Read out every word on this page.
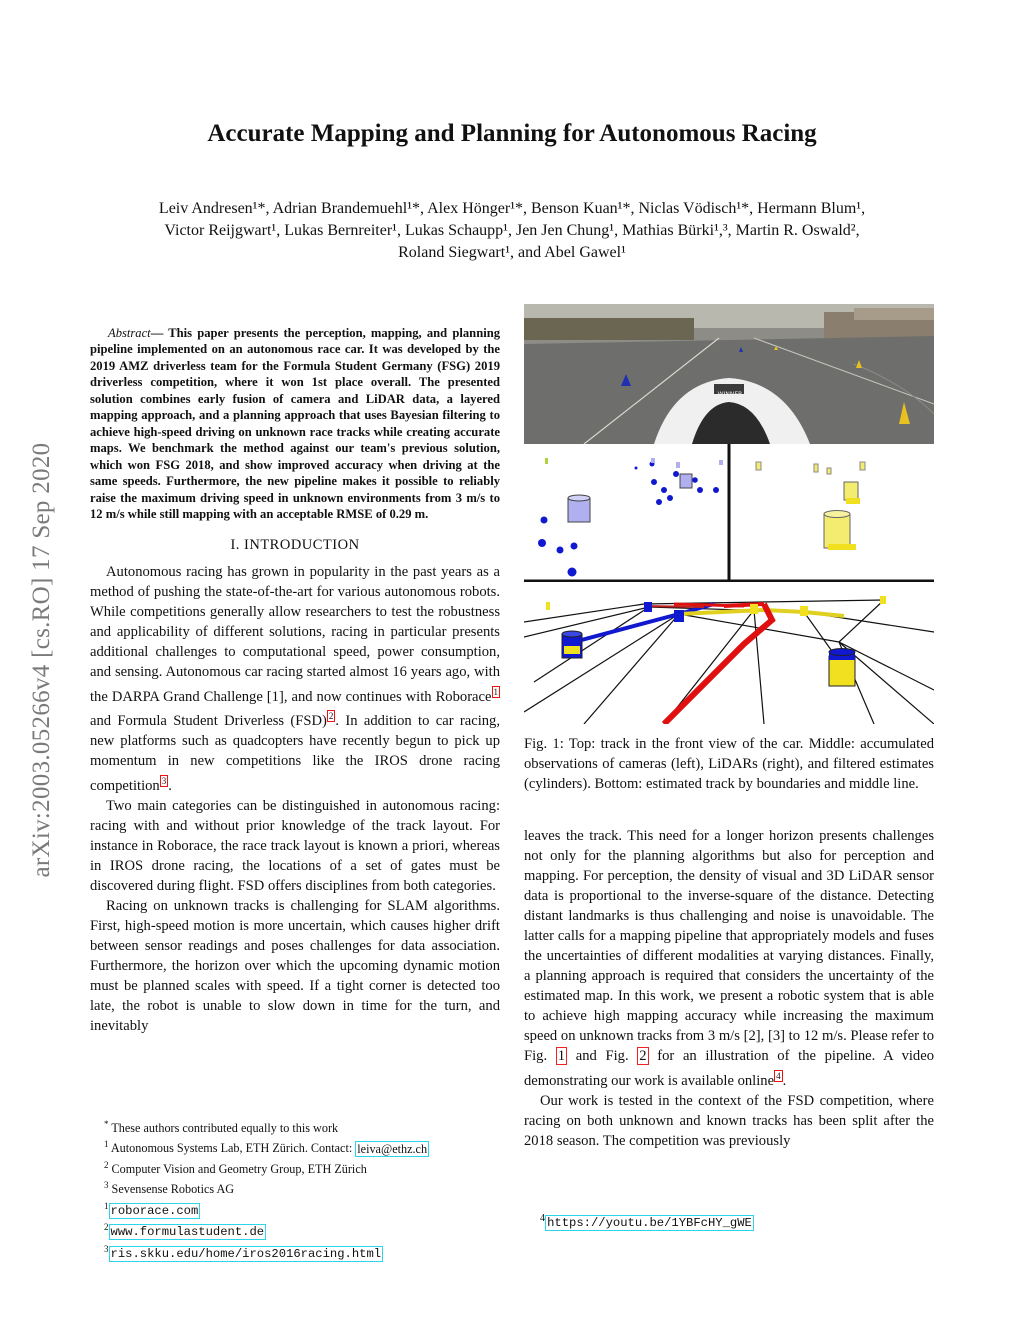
arXiv:2003.05266v4 [cs.RO] 17 Sep 2020
Accurate Mapping and Planning for Autonomous Racing
Leiv Andresen¹*, Adrian Brandemuehl¹*, Alex Hönger¹*, Benson Kuan¹*, Niclas Vödisch¹*, Hermann Blum¹,
Victor Reijgwart¹, Lukas Bernreiter¹, Lukas Schaupp¹, Jen Jen Chung¹, Mathias Bürki¹,³, Martin R. Oswald²,
Roland Siegwart¹, and Abel Gawel¹

Abstract— This paper presents the perception, mapping, and planning pipeline implemented on an autonomous race car. It was developed by the 2019 AMZ driverless team for the Formula Student Germany (FSG) 2019 driverless competition, where it won 1st place overall. The presented solution combines early fusion of camera and LiDAR data, a layered mapping approach, and a planning approach that uses Bayesian filtering to achieve high-speed driving on unknown race tracks while creating accurate maps. We benchmark the method against our team's previous solution, which won FSG 2018, and show improved accuracy when driving at the same speeds. Furthermore, the new pipeline makes it possible to reliably raise the maximum driving speed in unknown environments from 3 m/s to 12 m/s while still mapping with an acceptable RMSE of 0.29 m.

I. INTRODUCTION

Autonomous racing has grown in popularity in the past years as a method of pushing the state-of-the-art for various autonomous robots. While competitions generally allow researchers to test the robustness and applicability of different solutions, racing in particular presents additional challenges to computational speed, power consumption, and sensing. Autonomous car racing started almost 16 years ago, with the DARPA Grand Challenge [1], and now continues with Roborace $^1$ and Formula Student Driverless (FSD) $^2$ . In addition to car racing, new platforms such as quadcopters have recently begun to pick up momentum in new competitions like the IROS drone racing competition $^3$ .

Two main categories can be distinguished in autonomous racing: racing with and without prior knowledge of the track layout. For instance in Roborace, the race track layout is known a priori, whereas in IROS drone racing, the locations of a set of gates must be discovered during flight. FSD offers disciplines from both categories.

Racing on unknown tracks is challenging for SLAM algorithms. First, high-speed motion is more uncertain, which causes higher drift between sensor readings and poses challenges for data association. Furthermore, the horizon over which the upcoming dynamic motion must be planned scales with speed. If a tight corner is detected too late, the robot is unable to slow down in time for the turn, and inevitably

WINNER
Fig. 1: Top: track in the front view of the car. Middle: accumulated observations of cameras (left), LiDARs (right), and filtered estimates (cylinders). Bottom: estimated track by boundaries and middle line.

leaves the track. This need for a longer horizon presents challenges not only for the planning algorithms but also for perception and mapping. For perception, the density of visual and 3D LiDAR sensor data is proportional to the inverse-square of the distance. Detecting distant landmarks is thus challenging and noise is unavoidable. The latter calls for a mapping pipeline that appropriately models and fuses the uncertainties of different modalities at varying distances. Finally, a planning approach is required that considers the uncertainty of the estimated map. In this work, we present a robotic system that is able to achieve high mapping accuracy while increasing the maximum speed on unknown tracks from 3 m/s [2], [3] to 12 m/s. Please refer to Fig. 1 and Fig. 2 for an illustration of the pipeline. A video demonstrating our work is available online $^4$ .

Our work is tested in the context of the FSD competition, where racing on both unknown and known tracks has been split after the 2018 season. The competition was previously

* These authors contributed equally to this work

$^1$ Autonomous Systems Lab, ETH Zürich. Contact: leiva@ethz.ch

$^2$ Computer Vision and Geometry Group, ETH Zürich

$^3$ Sevensense Robotics AG

$^1$ roborace.com

$^2$ www.formulastudent.de

$^3$ ris.skku.edu/home/iros2016racing.html

$^4$ https://youtu.be/1YBFcHY_gWE
